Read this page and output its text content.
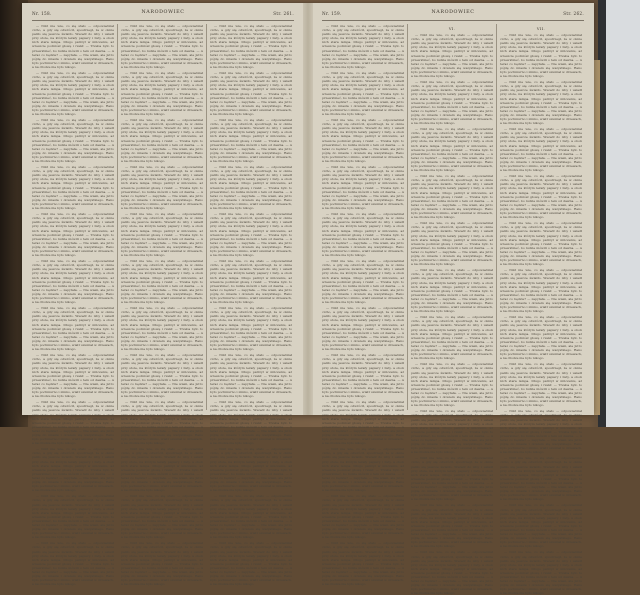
Nr. 158.	NARODOWIEC	Str. 261.

— Nikt nie wie, co się stało — odpowiedział cicho, a gdy się odwrócił, spostrzegł, że w oknie paliło się jeszcze światło. Wszedł do izby i usiadł przy stole, na którym leżały papiery i listy, a obok nich stara lampa. Długo patrzył w milczeniu, aż wreszcie podniósł głowę i rzekł: — Trzeba było to przewidzieć, bo ludzie mówili o tem od dawna. — A teraz co będzie? — zapytała. — Nie wiem, ale jutro pójdę do miasta i dowiem się wszystkiego. Rano było pochmurno i zimno, wiatr szumiał w drzewach, a na drodze nie było nikogo.

— Nikt nie wie, co się stało — odpowiedział cicho, a gdy się odwrócił, spostrzegł, że w oknie paliło się jeszcze światło. Wszedł do izby i usiadł przy stole, na którym leżały papiery i listy, a obok nich stara lampa. Długo patrzył w milczeniu, aż wreszcie podniósł głowę i rzekł: — Trzeba było to przewidzieć, bo ludzie mówili o tem od dawna. — A teraz co będzie? — zapytała. — Nie wiem, ale jutro pójdę do miasta i dowiem się wszystkiego. Rano było pochmurno i zimno, wiatr szumiał w drzewach, a na drodze nie było nikogo.

— Nikt nie wie, co się stało — odpowiedział cicho, a gdy się odwrócił, spostrzegł, że w oknie paliło się jeszcze światło. Wszedł do izby i usiadł przy stole, na którym leżały papiery i listy, a obok nich stara lampa. Długo patrzył w milczeniu, aż wreszcie podniósł głowę i rzekł: — Trzeba było to przewidzieć, bo ludzie mówili o tem od dawna. — A teraz co będzie? — zapytała. — Nie wiem, ale jutro pójdę do miasta i dowiem się wszystkiego. Rano było pochmurno i zimno, wiatr szumiał w drzewach, a na drodze nie było nikogo.

— Nikt nie wie, co się stało — odpowiedział cicho, a gdy się odwrócił, spostrzegł, że w oknie paliło się jeszcze światło. Wszedł do izby i usiadł przy stole, na którym leżały papiery i listy, a obok nich stara lampa. Długo patrzył w milczeniu, aż wreszcie podniósł głowę i rzekł: — Trzeba było to przewidzieć, bo ludzie mówili o tem od dawna. — A teraz co będzie? — zapytała. — Nie wiem, ale jutro pójdę do miasta i dowiem się wszystkiego. Rano było pochmurno i zimno, wiatr szumiał w drzewach, a na drodze nie było nikogo.

— Nikt nie wie, co się stało — odpowiedział cicho, a gdy się odwrócił, spostrzegł, że w oknie paliło się jeszcze światło. Wszedł do izby i usiadł przy stole, na którym leżały papiery i listy, a obok nich stara lampa. Długo patrzył w milczeniu, aż wreszcie podniósł głowę i rzekł: — Trzeba było to przewidzieć, bo ludzie mówili o tem od dawna. — A teraz co będzie? — zapytała. — Nie wiem, ale jutro pójdę do miasta i dowiem się wszystkiego. Rano było pochmurno i zimno, wiatr szumiał w drzewach, a na drodze nie było nikogo.

— Nikt nie wie, co się stało — odpowiedział cicho, a gdy się odwrócił, spostrzegł, że w oknie paliło się jeszcze światło. Wszedł do izby i usiadł przy stole, na którym leżały papiery i listy, a obok nich stara lampa. Długo patrzył w milczeniu, aż wreszcie podniósł głowę i rzekł: — Trzeba było to przewidzieć, bo ludzie mówili o tem od dawna. — A teraz co będzie? — zapytała. — Nie wiem, ale jutro pójdę do miasta i dowiem się wszystkiego. Rano było pochmurno i zimno, wiatr szumiał w drzewach, a na drodze nie było nikogo.

— Nikt nie wie, co się stało — odpowiedział cicho, a gdy się odwrócił, spostrzegł, że w oknie paliło się jeszcze światło. Wszedł do izby i usiadł przy stole, na którym leżały papiery i listy, a obok nich stara lampa. Długo patrzył w milczeniu, aż wreszcie podniósł głowę i rzekł: — Trzeba było to przewidzieć, bo ludzie mówili o tem od dawna. — A teraz co będzie? — zapytała. — Nie wiem, ale jutro pójdę do miasta i dowiem się wszystkiego. Rano było pochmurno i zimno, wiatr szumiał w drzewach, a na drodze nie było nikogo.

— Nikt nie wie, co się stało — odpowiedział cicho, a gdy się odwrócił, spostrzegł, że w oknie paliło się jeszcze światło. Wszedł do izby i usiadł przy stole, na którym leżały papiery i listy, a obok nich stara lampa. Długo patrzył w milczeniu, aż wreszcie podniósł głowę i rzekł: — Trzeba było to przewidzieć, bo ludzie mówili o tem od dawna. — A teraz co będzie? — zapytała. — Nie wiem, ale jutro pójdę do miasta i dowiem się wszystkiego. Rano było pochmurno i zimno, wiatr szumiał w drzewach, a na drodze nie było nikogo.

— Nikt nie wie, co się stało — odpowiedział cicho, a gdy się odwrócił, spostrzegł, że w oknie paliło się jeszcze światło. Wszedł do izby i usiadł przy stole, na którym leżały papiery i listy, a obok nich stara lampa. Długo patrzył w milczeniu, aż wreszcie podniósł głowę i rzekł: — Trzeba było to przewidzieć, bo ludzie mówili o tem od dawna. — A teraz co będzie? — zapytała. — Nie wiem, ale jutro pójdę do miasta i dowiem się wszystkiego. Rano było pochmurno i zimno, wiatr szumiał w drzewach, a na drodze nie było nikogo.

— Nikt nie wie, co się stało — odpowiedział cicho, a gdy się odwrócił, spostrzegł, że w oknie paliło się jeszcze światło. Wszedł do izby i usiadł przy stole, na którym leżały papiery i listy, a obok nich stara lampa. Długo patrzył w milczeniu, aż wreszcie podniósł głowę i rzekł: — Trzeba było to przewidzieć, bo ludzie mówili o tem od dawna. — A teraz co będzie? — zapytała. — Nie wiem, ale jutro pójdę do miasta i dowiem się wszystkiego. Rano było pochmurno i zimno, wiatr szumiał w drzewach, a na drodze nie było nikogo.

— Nikt nie wie, co się stało — odpowiedział cicho, a gdy się odwrócił, spostrzegł, że w oknie paliło się jeszcze światło. Wszedł do izby i usiadł przy stole, na którym leżały papiery i listy, a obok nich stara lampa. Długo patrzył w milczeniu, aż wreszcie podniósł głowę i rzekł: — Trzeba było to przewidzieć, bo ludzie mówili o tem od dawna. — A teraz co będzie? — zapytała. — Nie wiem, ale jutro pójdę do miasta i dowiem się wszystkiego. Rano było pochmurno i zimno, wiatr szumiał w drzewach, a na drodze nie było nikogo.

— Nikt nie wie, co się stało — odpowiedział cicho, a gdy się odwrócił, spostrzegł, że w oknie paliło się jeszcze światło. Wszedł do izby i usiadł przy stole, na którym leżały papiery i listy, a obok nich stara lampa. Długo patrzył w milczeniu, aż wreszcie podniósł głowę i rzekł: — Trzeba było to przewidzieć, bo ludzie mówili o tem od dawna. — A teraz co będzie? — zapytała. — Nie wiem, ale jutro pójdę do miasta i dowiem się wszystkiego. Rano było pochmurno i zimno, wiatr szumiał w drzewach, a na drodze nie było nikogo.

— Nikt nie wie, co się stało — odpowiedział cicho, a gdy się odwrócił, spostrzegł, że w oknie paliło się jeszcze światło. Wszedł do izby i usiadł przy stole, na którym leżały papiery i listy, a obok nich stara lampa. Długo patrzył w milczeniu, aż wreszcie podniósł głowę i rzekł: — Trzeba było to przewidzieć, bo ludzie mówili o tem od dawna. — A teraz co będzie? — zapytała. — Nie wiem, ale jutro pójdę do miasta i dowiem się wszystkiego. Rano było pochmurno i zimno, wiatr szumiał w drzewach, a na drodze nie było nikogo.

— Nikt nie wie, co się stało — odpowiedział cicho, a gdy się odwrócił, spostrzegł, że w oknie paliło się jeszcze światło. Wszedł do izby i usiadł przy stole, na którym leżały papiery i listy, a obok nich stara lampa. Długo patrzył w milczeniu, aż wreszcie podniósł głowę i rzekł: — Trzeba było to przewidzieć, bo ludzie mówili o tem od dawna. — A teraz co będzie? — zapytała. — Nie wiem, ale jutro pójdę do miasta i dowiem się wszystkiego. Rano było pochmurno i zimno, wiatr szumiał w drzewach, a na drodze nie było nikogo.

— Nikt nie wie, co się stało — odpowiedział cicho, a gdy się odwrócił, spostrzegł, że w oknie paliło się jeszcze światło. Wszedł do izby i usiadł przy stole, na którym leżały papiery i listy, a obok nich stara lampa. Długo patrzył w milczeniu, aż wreszcie podniósł głowę i rzekł: — Trzeba było to przewidzieć, bo ludzie mówili o tem od dawna. — A teraz co będzie? — zapytała. — Nie wiem, ale jutro pójdę do miasta i dowiem się wszystkiego. Rano było pochmurno i zimno, wiatr szumiał w drzewach, a na drodze nie było nikogo.

— Nikt nie wie, co się stało — odpowiedział cicho, a gdy się odwrócił, spostrzegł, że w oknie paliło się jeszcze światło. Wszedł do izby i usiadł przy stole, na którym leżały papiery i listy, a obok nich stara lampa. Długo patrzył w milczeniu, aż wreszcie podniósł głowę i rzekł: — Trzeba było to przewidzieć, bo ludzie mówili o tem od dawna. — A teraz co będzie? — zapytała. — Nie wiem, ale jutro pójdę do miasta i dowiem się wszystkiego. Rano było pochmurno i zimno, wiatr szumiał w drzewach, a na drodze nie było nikogo.

— Nikt nie wie, co się stało — odpowiedział cicho, a gdy się odwrócił, spostrzegł, że w oknie paliło się jeszcze światło. Wszedł do izby i usiadł przy stole, na którym leżały papiery i listy, a obok nich stara lampa. Długo patrzył w milczeniu, aż wreszcie podniósł głowę i rzekł: — Trzeba było to przewidzieć, bo ludzie mówili o tem od dawna. — A teraz co będzie? — zapytała. — Nie wiem, ale jutro pójdę do miasta i dowiem się wszystkiego. Rano było pochmurno i zimno, wiatr szumiał w drzewach, a na drodze nie było nikogo.

— Nikt nie wie, co się stało — odpowiedział cicho, a gdy się odwrócił, spostrzegł, że w oknie paliło się jeszcze światło. Wszedł do izby i usiadł przy stole, na którym leżały papiery i listy, a obok nich stara lampa. Długo patrzył w milczeniu, aż wreszcie podniósł głowę i rzekł: — Trzeba było to przewidzieć, bo ludzie mówili o tem od dawna. — A teraz co będzie? — zapytała. — Nie wiem, ale jutro pójdę do miasta i dowiem się wszystkiego. Rano było pochmurno i zimno, wiatr szumiał w drzewach, a na drodze nie było nikogo.

— Nikt nie wie, co się stało — odpowiedział cicho, a gdy się odwrócił, spostrzegł, że w oknie paliło się jeszcze światło. Wszedł do izby i usiadł przy stole, na którym leżały papiery i listy, a obok nich stara lampa. Długo patrzył w milczeniu, aż wreszcie podniósł głowę i rzekł: — Trzeba było to przewidzieć, bo ludzie mówili o tem od dawna. — A teraz co będzie? — zapytała. — Nie wiem, ale jutro pójdę do miasta i dowiem się wszystkiego. Rano było pochmurno i zimno, wiatr szumiał w drzewach, a na drodze nie było nikogo.

— Nikt nie wie, co się stało — odpowiedział cicho, a gdy się odwrócił, spostrzegł, że w oknie paliło się jeszcze światło. Wszedł do izby i usiadł przy stole, na którym leżały papiery i listy, a obok nich stara lampa. Długo patrzył w milczeniu, aż wreszcie podniósł głowę i rzekł: — Trzeba było to przewidzieć, bo ludzie mówili o tem od dawna. — A teraz co będzie? — zapytała. — Nie wiem, ale jutro pójdę do miasta i dowiem się wszystkiego. Rano było pochmurno i zimno, wiatr szumiał w drzewach, a na drodze nie było nikogo.

— Nikt nie wie, co się stało — odpowiedział cicho, a gdy się odwrócił, spostrzegł, że w oknie paliło się jeszcze światło. Wszedł do izby i usiadł przy stole, na którym leżały papiery i listy, a obok nich stara lampa. Długo patrzył w milczeniu, aż wreszcie podniósł głowę i rzekł: — Trzeba było to przewidzieć, bo ludzie mówili o tem od dawna. — A teraz co będzie? — zapytała. — Nie wiem, ale jutro pójdę do miasta i dowiem się wszystkiego. Rano było pochmurno i zimno, wiatr szumiał w drzewach, a na drodze nie było nikogo.

— Nikt nie wie, co się stało — odpowiedział cicho, a gdy się odwrócił, spostrzegł, że w oknie paliło się jeszcze światło. Wszedł do izby i usiadł przy stole, na którym leżały papiery i listy, a obok nich stara lampa. Długo patrzył w milczeniu, aż wreszcie podniósł głowę i rzekł: — Trzeba było to przewidzieć, bo ludzie mówili o tem od dawna. — A teraz co będzie? — zapytała. — Nie wiem, ale jutro pójdę do miasta i dowiem się wszystkiego. Rano było pochmurno i zimno, wiatr szumiał w drzewach, a na drodze nie było nikogo.

— Nikt nie wie, co się stało — odpowiedział cicho, a gdy się odwrócił, spostrzegł, że w oknie paliło się jeszcze światło. Wszedł do izby i usiadł przy stole, na którym leżały papiery i listy, a obok nich stara lampa. Długo patrzył w milczeniu, aż wreszcie podniósł głowę i rzekł: — Trzeba było to przewidzieć, bo ludzie mówili o tem od dawna. — A teraz co będzie? — zapytała. — Nie wiem, ale jutro pójdę do miasta i dowiem się wszystkiego. Rano było pochmurno i zimno, wiatr szumiał w drzewach, a na drodze nie było nikogo.

— Nikt nie wie, co się stało — odpowiedział cicho, a gdy się odwrócił, spostrzegł, że w oknie paliło się jeszcze światło. Wszedł do izby i usiadł przy stole, na którym leżały papiery i listy, a obok nich stara lampa. Długo patrzył w milczeniu, aż wreszcie podniósł głowę i rzekł: — Trzeba było to przewidzieć, bo ludzie mówili o tem od dawna. — A teraz co będzie? — zapytała. — Nie wiem, ale jutro pójdę do miasta i dowiem się wszystkiego. Rano było pochmurno i zimno, wiatr szumiał w drzewach, a na drodze nie było nikogo.

— Nikt nie wie, co się stało — odpowiedział cicho, a gdy się odwrócił, spostrzegł, że w oknie paliło się jeszcze światło. Wszedł do izby i usiadł przy stole, na którym leżały papiery i listy, a obok nich stara lampa. Długo patrzył w milczeniu, aż wreszcie podniósł głowę i rzekł: — Trzeba było to przewidzieć, bo ludzie mówili o tem od dawna. — A teraz co będzie? — zapytała. — Nie wiem, ale jutro pójdę do miasta i dowiem się wszystkiego. Rano było pochmurno i zimno, wiatr szumiał w drzewach, a na drodze nie było nikogo.

— Nikt nie wie, co się stało — odpowiedział cicho, a gdy się odwrócił, spostrzegł, że w oknie paliło się jeszcze światło. Wszedł do izby i usiadł przy stole, na którym leżały papiery i listy, a obok nich stara lampa. Długo patrzył w milczeniu, aż wreszcie podniósł głowę i rzekł: — Trzeba było to przewidzieć, bo ludzie mówili o tem od dawna. — A teraz co będzie? — zapytała. — Nie wiem, ale jutro pójdę do miasta i dowiem się wszystkiego. Rano było pochmurno i zimno, wiatr szumiał w drzewach, a na drodze nie było nikogo.

— Nikt nie wie, co się stało — odpowiedział cicho, a gdy się odwrócił, spostrzegł, że w oknie paliło się jeszcze światło. Wszedł do izby i usiadł przy stole, na którym leżały papiery i listy, a obok nich stara lampa. Długo patrzył w milczeniu, aż wreszcie podniósł głowę i rzekł: — Trzeba było to przewidzieć, bo ludzie mówili o tem od dawna. — A teraz co będzie? — zapytała. — Nie wiem, ale jutro pójdę do miasta i dowiem się wszystkiego. Rano było pochmurno i zimno, wiatr szumiał w drzewach, a na drodze nie było nikogo.

— Nikt nie wie, co się stało — odpowiedział cicho, a gdy się odwrócił, spostrzegł, że w oknie paliło się jeszcze światło. Wszedł do izby i usiadł przy stole, na którym leżały papiery i listy, a obok nich stara lampa. Długo patrzył w milczeniu, aż wreszcie podniósł głowę i rzekł: — Trzeba było to przewidzieć, bo ludzie mówili o tem od dawna. — A teraz co będzie? — zapytała. — Nie wiem, ale jutro pójdę do miasta i dowiem się wszystkiego. Rano było pochmurno i zimno, wiatr szumiał w drzewach, a na drodze nie było nikogo.

— Nikt nie wie, co się stało — odpowiedział cicho, a gdy się odwrócił, spostrzegł, że w oknie paliło się jeszcze światło. Wszedł do izby i usiadł przy stole, na którym leżały papiery i listy, a obok nich stara lampa. Długo patrzył w milczeniu, aż wreszcie podniósł głowę i rzekł: — Trzeba było to przewidzieć, bo ludzie mówili o tem od dawna. — A teraz co będzie? — zapytała. — Nie wiem, ale jutro pójdę do miasta i dowiem się wszystkiego. Rano było pochmurno i zimno, wiatr szumiał w drzewach, a na drodze nie było nikogo.

— Nikt nie wie, co się stało — odpowiedział cicho, a gdy się odwrócił, spostrzegł, że w oknie paliło się jeszcze światło. Wszedł do izby i usiadł przy stole, na którym leżały papiery i listy, a obok nich stara lampa. Długo patrzył w milczeniu, aż wreszcie podniósł głowę i rzekł: — Trzeba było to przewidzieć, bo ludzie mówili o tem od dawna. — A teraz co będzie? — zapytała. — Nie wiem, ale jutro pójdę do miasta i dowiem się wszystkiego. Rano było pochmurno i zimno, wiatr szumiał w drzewach, a na drodze nie było nikogo.

— Nikt nie wie, co się stało — odpowiedział cicho, a gdy się odwrócił, spostrzegł, że w oknie paliło się jeszcze światło. Wszedł do izby i usiadł przy stole, na którym leżały papiery i listy, a obok nich stara lampa. Długo patrzył w milczeniu, aż wreszcie podniósł głowę i rzekł: — Trzeba było to przewidzieć, bo ludzie mówili o tem od dawna. — A teraz co będzie? — zapytała. — Nie wiem, ale jutro pójdę do miasta i dowiem się wszystkiego. Rano było pochmurno i zimno, wiatr szumiał w drzewach, a na drodze nie było nikogo.

— Nikt nie wie, co się stało — odpowiedział cicho, a gdy się odwrócił, spostrzegł, że w oknie paliło się jeszcze światło. Wszedł do izby i usiadł przy stole, na którym leżały papiery i listy, a obok nich stara lampa. Długo patrzył w milczeniu, aż wreszcie podniósł głowę i rzekł: — Trzeba było to przewidzieć, bo ludzie mówili o tem od dawna. — A teraz co będzie? — zapytała. — Nie wiem, ale jutro pójdę do miasta i dowiem się wszystkiego. Rano było pochmurno i zimno, wiatr szumiał w drzewach, a na drodze nie było nikogo.

— Nikt nie wie, co się stało — odpowiedział cicho, a gdy się odwrócił, spostrzegł, że w oknie paliło się jeszcze światło. Wszedł do izby i usiadł przy stole, na którym leżały papiery i listy, a obok nich stara lampa. Długo patrzył w milczeniu, aż wreszcie podniósł głowę i rzekł: — Trzeba było to przewidzieć, bo ludzie mówili o tem od dawna. — A teraz co będzie? — zapytała. — Nie wiem, ale jutro pójdę do miasta i dowiem się wszystkiego. Rano było pochmurno i zimno, wiatr szumiał w drzewach, a na drodze nie było nikogo.

— Nikt nie wie, co się stało — odpowiedział cicho, a gdy się odwrócił, spostrzegł, że w oknie paliło się jeszcze światło. Wszedł do izby i usiadł przy stole, na którym leżały papiery i listy, a obok nich stara lampa. Długo patrzył w milczeniu, aż wreszcie podniósł głowę i rzekł: — Trzeba było to przewidzieć, bo ludzie mówili o tem od dawna. — A teraz co będzie? — zapytała. — Nie wiem, ale jutro pójdę do miasta i dowiem się wszystkiego. Rano było pochmurno i zimno, wiatr szumiał w drzewach, a na drodze nie było nikogo.

— Nikt nie wie, co się stało — odpowiedział cicho, a gdy się odwrócił, spostrzegł, że w oknie paliło się jeszcze światło. Wszedł do izby i usiadł przy stole, na którym leżały papiery i listy, a obok nich stara lampa. Długo patrzył w milczeniu, aż wreszcie podniósł głowę i rzekł: — Trzeba było to przewidzieć, bo ludzie mówili o tem od dawna. — A teraz co będzie? — zapytała. — Nie wiem, ale jutro pójdę do miasta i dowiem się wszystkiego. Rano było pochmurno i zimno, wiatr szumiał w drzewach, a na drodze nie było nikogo.

— Nikt nie wie, co się stało — odpowiedział cicho, a gdy się odwrócił, spostrzegł, że w oknie paliło się jeszcze światło. Wszedł do izby i usiadł przy stole, na którym leżały papiery i listy, a obok nich stara lampa. Długo patrzył w milczeniu, aż wreszcie podniósł głowę i rzekł: — Trzeba było to przewidzieć, bo ludzie mówili o tem od dawna. — A teraz co będzie? — zapytała. — Nie wiem, ale jutro pójdę do miasta i dowiem się wszystkiego. Rano było pochmurno i zimno, wiatr szumiał w drzewach, a na drodze nie było nikogo.

Nr. 159.	NARODOWIEC	Str. 262.

— Nikt nie wie, co się stało — odpowiedział cicho, a gdy się odwrócił, spostrzegł, że w oknie paliło się jeszcze światło. Wszedł do izby i usiadł przy stole, na którym leżały papiery i listy, a obok nich stara lampa. Długo patrzył w milczeniu, aż wreszcie podniósł głowę i rzekł: — Trzeba było to przewidzieć, bo ludzie mówili o tem od dawna. — A teraz co będzie? — zapytała. — Nie wiem, ale jutro pójdę do miasta i dowiem się wszystkiego. Rano było pochmurno i zimno, wiatr szumiał w drzewach, a na drodze nie było nikogo.

— Nikt nie wie, co się stało — odpowiedział cicho, a gdy się odwrócił, spostrzegł, że w oknie paliło się jeszcze światło. Wszedł do izby i usiadł przy stole, na którym leżały papiery i listy, a obok nich stara lampa. Długo patrzył w milczeniu, aż wreszcie podniósł głowę i rzekł: — Trzeba było to przewidzieć, bo ludzie mówili o tem od dawna. — A teraz co będzie? — zapytała. — Nie wiem, ale jutro pójdę do miasta i dowiem się wszystkiego. Rano było pochmurno i zimno, wiatr szumiał w drzewach, a na drodze nie było nikogo.

— Nikt nie wie, co się stało — odpowiedział cicho, a gdy się odwrócił, spostrzegł, że w oknie paliło się jeszcze światło. Wszedł do izby i usiadł przy stole, na którym leżały papiery i listy, a obok nich stara lampa. Długo patrzył w milczeniu, aż wreszcie podniósł głowę i rzekł: — Trzeba było to przewidzieć, bo ludzie mówili o tem od dawna. — A teraz co będzie? — zapytała. — Nie wiem, ale jutro pójdę do miasta i dowiem się wszystkiego. Rano było pochmurno i zimno, wiatr szumiał w drzewach, a na drodze nie było nikogo.

— Nikt nie wie, co się stało — odpowiedział cicho, a gdy się odwrócił, spostrzegł, że w oknie paliło się jeszcze światło. Wszedł do izby i usiadł przy stole, na którym leżały papiery i listy, a obok nich stara lampa. Długo patrzył w milczeniu, aż wreszcie podniósł głowę i rzekł: — Trzeba było to przewidzieć, bo ludzie mówili o tem od dawna. — A teraz co będzie? — zapytała. — Nie wiem, ale jutro pójdę do miasta i dowiem się wszystkiego. Rano było pochmurno i zimno, wiatr szumiał w drzewach, a na drodze nie było nikogo.

— Nikt nie wie, co się stało — odpowiedział cicho, a gdy się odwrócił, spostrzegł, że w oknie paliło się jeszcze światło. Wszedł do izby i usiadł przy stole, na którym leżały papiery i listy, a obok nich stara lampa. Długo patrzył w milczeniu, aż wreszcie podniósł głowę i rzekł: — Trzeba było to przewidzieć, bo ludzie mówili o tem od dawna. — A teraz co będzie? — zapytała. — Nie wiem, ale jutro pójdę do miasta i dowiem się wszystkiego. Rano było pochmurno i zimno, wiatr szumiał w drzewach, a na drodze nie było nikogo.

— Nikt nie wie, co się stało — odpowiedział cicho, a gdy się odwrócił, spostrzegł, że w oknie paliło się jeszcze światło. Wszedł do izby i usiadł przy stole, na którym leżały papiery i listy, a obok nich stara lampa. Długo patrzył w milczeniu, aż wreszcie podniósł głowę i rzekł: — Trzeba było to przewidzieć, bo ludzie mówili o tem od dawna. — A teraz co będzie? — zapytała. — Nie wiem, ale jutro pójdę do miasta i dowiem się wszystkiego. Rano było pochmurno i zimno, wiatr szumiał w drzewach, a na drodze nie było nikogo.

— Nikt nie wie, co się stało — odpowiedział cicho, a gdy się odwrócił, spostrzegł, że w oknie paliło się jeszcze światło. Wszedł do izby i usiadł przy stole, na którym leżały papiery i listy, a obok nich stara lampa. Długo patrzył w milczeniu, aż wreszcie podniósł głowę i rzekł: — Trzeba było to przewidzieć, bo ludzie mówili o tem od dawna. — A teraz co będzie? — zapytała. — Nie wiem, ale jutro pójdę do miasta i dowiem się wszystkiego. Rano było pochmurno i zimno, wiatr szumiał w drzewach, a na drodze nie było nikogo.

— Nikt nie wie, co się stało — odpowiedział cicho, a gdy się odwrócił, spostrzegł, że w oknie paliło się jeszcze światło. Wszedł do izby i usiadł przy stole, na którym leżały papiery i listy, a obok nich stara lampa. Długo patrzył w milczeniu, aż wreszcie podniósł głowę i rzekł: — Trzeba było to przewidzieć, bo ludzie mówili o tem od dawna. — A teraz co będzie? — zapytała. — Nie wiem, ale jutro pójdę do miasta i dowiem się wszystkiego. Rano było pochmurno i zimno, wiatr szumiał w drzewach, a na drodze nie było nikogo.

— Nikt nie wie, co się stało — odpowiedział cicho, a gdy się odwrócił, spostrzegł, że w oknie paliło się jeszcze światło. Wszedł do izby i usiadł przy stole, na którym leżały papiery i listy, a obok nich stara lampa. Długo patrzył w milczeniu, aż wreszcie podniósł głowę i rzekł: — Trzeba było to przewidzieć, bo ludzie mówili o tem od dawna. — A teraz co będzie? — zapytała. — Nie wiem, ale jutro pójdę do miasta i dowiem się wszystkiego. Rano było pochmurno i zimno, wiatr szumiał w drzewach, a na drodze nie było nikogo.

— Nikt nie wie, co się stało — odpowiedział cicho, a gdy się odwrócił, spostrzegł, że w oknie paliło się jeszcze światło. Wszedł do izby i usiadł przy stole, na którym leżały papiery i listy, a obok nich stara lampa. Długo patrzył w milczeniu, aż wreszcie podniósł głowę i rzekł: — Trzeba było to przewidzieć, bo ludzie mówili o tem od dawna. — A teraz co będzie? — zapytała. — Nie wiem, ale jutro pójdę do miasta i dowiem się wszystkiego. Rano było pochmurno i zimno, wiatr szumiał w drzewach, a na drodze nie było nikogo.

— Nikt nie wie, co się stało — odpowiedział cicho, a gdy się odwrócił, spostrzegł, że w oknie paliło się jeszcze światło. Wszedł do izby i usiadł przy stole, na którym leżały papiery i listy, a obok nich stara lampa. Długo patrzył w milczeniu, aż wreszcie podniósł głowę i rzekł: — Trzeba było to przewidzieć, bo ludzie mówili o tem od dawna. — A teraz co będzie? — zapytała. — Nie wiem, ale jutro pójdę do miasta i dowiem się wszystkiego. Rano było pochmurno i zimno, wiatr szumiał w drzewach, a na drodze nie było nikogo.

— Nikt nie wie, co się stało — odpowiedział cicho, a gdy się odwrócił, spostrzegł, że w oknie paliło się jeszcze światło. Wszedł do izby i usiadł przy stole, na którym leżały papiery i listy, a obok nich stara lampa. Długo patrzył w milczeniu, aż wreszcie podniósł głowę i rzekł: — Trzeba było to przewidzieć, bo ludzie mówili o tem od dawna. — A teraz co będzie? — zapytała. — Nie wiem, ale jutro pójdę do miasta i dowiem się wszystkiego. Rano było pochmurno i zimno, wiatr szumiał w drzewach, a na drodze nie było nikogo.

VI.

— Nikt nie wie, co się stało — odpowiedział cicho, a gdy się odwrócił, spostrzegł, że w oknie paliło się jeszcze światło. Wszedł do izby i usiadł przy stole, na którym leżały papiery i listy, a obok nich stara lampa. Długo patrzył w milczeniu, aż wreszcie podniósł głowę i rzekł: — Trzeba było to przewidzieć, bo ludzie mówili o tem od dawna. — A teraz co będzie? — zapytała. — Nie wiem, ale jutro pójdę do miasta i dowiem się wszystkiego. Rano było pochmurno i zimno, wiatr szumiał w drzewach, a na drodze nie było nikogo.

— Nikt nie wie, co się stało — odpowiedział cicho, a gdy się odwrócił, spostrzegł, że w oknie paliło się jeszcze światło. Wszedł do izby i usiadł przy stole, na którym leżały papiery i listy, a obok nich stara lampa. Długo patrzył w milczeniu, aż wreszcie podniósł głowę i rzekł: — Trzeba było to przewidzieć, bo ludzie mówili o tem od dawna. — A teraz co będzie? — zapytała. — Nie wiem, ale jutro pójdę do miasta i dowiem się wszystkiego. Rano było pochmurno i zimno, wiatr szumiał w drzewach, a na drodze nie było nikogo.

— Nikt nie wie, co się stało — odpowiedział cicho, a gdy się odwrócił, spostrzegł, że w oknie paliło się jeszcze światło. Wszedł do izby i usiadł przy stole, na którym leżały papiery i listy, a obok nich stara lampa. Długo patrzył w milczeniu, aż wreszcie podniósł głowę i rzekł: — Trzeba było to przewidzieć, bo ludzie mówili o tem od dawna. — A teraz co będzie? — zapytała. — Nie wiem, ale jutro pójdę do miasta i dowiem się wszystkiego. Rano było pochmurno i zimno, wiatr szumiał w drzewach, a na drodze nie było nikogo.

— Nikt nie wie, co się stało — odpowiedział cicho, a gdy się odwrócił, spostrzegł, że w oknie paliło się jeszcze światło. Wszedł do izby i usiadł przy stole, na którym leżały papiery i listy, a obok nich stara lampa. Długo patrzył w milczeniu, aż wreszcie podniósł głowę i rzekł: — Trzeba było to przewidzieć, bo ludzie mówili o tem od dawna. — A teraz co będzie? — zapytała. — Nie wiem, ale jutro pójdę do miasta i dowiem się wszystkiego. Rano było pochmurno i zimno, wiatr szumiał w drzewach, a na drodze nie było nikogo.

— Nikt nie wie, co się stało — odpowiedział cicho, a gdy się odwrócił, spostrzegł, że w oknie paliło się jeszcze światło. Wszedł do izby i usiadł przy stole, na którym leżały papiery i listy, a obok nich stara lampa. Długo patrzył w milczeniu, aż wreszcie podniósł głowę i rzekł: — Trzeba było to przewidzieć, bo ludzie mówili o tem od dawna. — A teraz co będzie? — zapytała. — Nie wiem, ale jutro pójdę do miasta i dowiem się wszystkiego. Rano było pochmurno i zimno, wiatr szumiał w drzewach, a na drodze nie było nikogo.

— Nikt nie wie, co się stało — odpowiedział cicho, a gdy się odwrócił, spostrzegł, że w oknie paliło się jeszcze światło. Wszedł do izby i usiadł przy stole, na którym leżały papiery i listy, a obok nich stara lampa. Długo patrzył w milczeniu, aż wreszcie podniósł głowę i rzekł: — Trzeba było to przewidzieć, bo ludzie mówili o tem od dawna. — A teraz co będzie? — zapytała. — Nie wiem, ale jutro pójdę do miasta i dowiem się wszystkiego. Rano było pochmurno i zimno, wiatr szumiał w drzewach, a na drodze nie było nikogo.

— Nikt nie wie, co się stało — odpowiedział cicho, a gdy się odwrócił, spostrzegł, że w oknie paliło się jeszcze światło. Wszedł do izby i usiadł przy stole, na którym leżały papiery i listy, a obok nich stara lampa. Długo patrzył w milczeniu, aż wreszcie podniósł głowę i rzekł: — Trzeba było to przewidzieć, bo ludzie mówili o tem od dawna. — A teraz co będzie? — zapytała. — Nie wiem, ale jutro pójdę do miasta i dowiem się wszystkiego. Rano było pochmurno i zimno, wiatr szumiał w drzewach, a na drodze nie było nikogo.

— Nikt nie wie, co się stało — odpowiedział cicho, a gdy się odwrócił, spostrzegł, że w oknie paliło się jeszcze światło. Wszedł do izby i usiadł przy stole, na którym leżały papiery i listy, a obok nich stara lampa. Długo patrzył w milczeniu, aż wreszcie podniósł głowę i rzekł: — Trzeba było to przewidzieć, bo ludzie mówili o tem od dawna. — A teraz co będzie? — zapytała. — Nie wiem, ale jutro pójdę do miasta i dowiem się wszystkiego. Rano było pochmurno i zimno, wiatr szumiał w drzewach, a na drodze nie było nikogo.

— Nikt nie wie, co się stało — odpowiedział cicho, a gdy się odwrócił, spostrzegł, że w oknie paliło się jeszcze światło. Wszedł do izby i usiadł przy stole, na którym leżały papiery i listy, a obok nich stara lampa. Długo patrzył w milczeniu, aż wreszcie podniósł głowę i rzekł: — Trzeba było to przewidzieć, bo ludzie mówili o tem od dawna. — A teraz co będzie? — zapytała. — Nie wiem, ale jutro pójdę do miasta i dowiem się wszystkiego. Rano było pochmurno i zimno, wiatr szumiał w drzewach, a na drodze nie było nikogo.

— Nikt nie wie, co się stało — odpowiedział cicho, a gdy się odwrócił, spostrzegł, że w oknie paliło się jeszcze światło. Wszedł do izby i usiadł przy stole, na którym leżały papiery i listy, a obok nich stara lampa. Długo patrzył w milczeniu, aż wreszcie podniósł głowę i rzekł: — Trzeba było to przewidzieć, bo ludzie mówili o tem od dawna. — A teraz co będzie? — zapytała. — Nie wiem, ale jutro pójdę do miasta i dowiem się wszystkiego. Rano było pochmurno i zimno, wiatr szumiał w drzewach, a na drodze nie było nikogo.

— Nikt nie wie, co się stało — odpowiedział cicho, a gdy się odwrócił, spostrzegł, że w oknie paliło się jeszcze światło. Wszedł do izby i usiadł przy stole, na którym leżały papiery i listy, a obok nich stara lampa. Długo patrzył w milczeniu, aż wreszcie podniósł głowę i rzekł: — Trzeba było to przewidzieć, bo ludzie mówili o tem od dawna. — A teraz co będzie? — zapytała. — Nie wiem, ale jutro pójdę do miasta i dowiem się wszystkiego. Rano było pochmurno i zimno, wiatr szumiał w drzewach, a na drodze nie było nikogo.

— Nikt nie wie, co się stało — odpowiedział cicho, a gdy się odwrócił, spostrzegł, że w oknie paliło się jeszcze światło. Wszedł do izby i usiadł przy stole, na którym leżały papiery i listy, a obok nich stara lampa. Długo patrzył w milczeniu, aż wreszcie podniósł głowę i rzekł: — Trzeba było to przewidzieć, bo ludzie mówili o tem od dawna. — A teraz co będzie? — zapytała. — Nie wiem, ale jutro pójdę do miasta i dowiem się wszystkiego. Rano było pochmurno i zimno, wiatr szumiał w drzewach, a na drodze nie było nikogo.

VII.

— Nikt nie wie, co się stało — odpowiedział cicho, a gdy się odwrócił, spostrzegł, że w oknie paliło się jeszcze światło. Wszedł do izby i usiadł przy stole, na którym leżały papiery i listy, a obok nich stara lampa. Długo patrzył w milczeniu, aż wreszcie podniósł głowę i rzekł: — Trzeba było to przewidzieć, bo ludzie mówili o tem od dawna. — A teraz co będzie? — zapytała. — Nie wiem, ale jutro pójdę do miasta i dowiem się wszystkiego. Rano było pochmurno i zimno, wiatr szumiał w drzewach, a na drodze nie było nikogo.

— Nikt nie wie, co się stało — odpowiedział cicho, a gdy się odwrócił, spostrzegł, że w oknie paliło się jeszcze światło. Wszedł do izby i usiadł przy stole, na którym leżały papiery i listy, a obok nich stara lampa. Długo patrzył w milczeniu, aż wreszcie podniósł głowę i rzekł: — Trzeba było to przewidzieć, bo ludzie mówili o tem od dawna. — A teraz co będzie? — zapytała. — Nie wiem, ale jutro pójdę do miasta i dowiem się wszystkiego. Rano było pochmurno i zimno, wiatr szumiał w drzewach, a na drodze nie było nikogo.

— Nikt nie wie, co się stało — odpowiedział cicho, a gdy się odwrócił, spostrzegł, że w oknie paliło się jeszcze światło. Wszedł do izby i usiadł przy stole, na którym leżały papiery i listy, a obok nich stara lampa. Długo patrzył w milczeniu, aż wreszcie podniósł głowę i rzekł: — Trzeba było to przewidzieć, bo ludzie mówili o tem od dawna. — A teraz co będzie? — zapytała. — Nie wiem, ale jutro pójdę do miasta i dowiem się wszystkiego. Rano było pochmurno i zimno, wiatr szumiał w drzewach, a na drodze nie było nikogo.

— Nikt nie wie, co się stało — odpowiedział cicho, a gdy się odwrócił, spostrzegł, że w oknie paliło się jeszcze światło. Wszedł do izby i usiadł przy stole, na którym leżały papiery i listy, a obok nich stara lampa. Długo patrzył w milczeniu, aż wreszcie podniósł głowę i rzekł: — Trzeba było to przewidzieć, bo ludzie mówili o tem od dawna. — A teraz co będzie? — zapytała. — Nie wiem, ale jutro pójdę do miasta i dowiem się wszystkiego. Rano było pochmurno i zimno, wiatr szumiał w drzewach, a na drodze nie było nikogo.

— Nikt nie wie, co się stało — odpowiedział cicho, a gdy się odwrócił, spostrzegł, że w oknie paliło się jeszcze światło. Wszedł do izby i usiadł przy stole, na którym leżały papiery i listy, a obok nich stara lampa. Długo patrzył w milczeniu, aż wreszcie podniósł głowę i rzekł: — Trzeba było to przewidzieć, bo ludzie mówili o tem od dawna. — A teraz co będzie? — zapytała. — Nie wiem, ale jutro pójdę do miasta i dowiem się wszystkiego. Rano było pochmurno i zimno, wiatr szumiał w drzewach, a na drodze nie było nikogo.

— Nikt nie wie, co się stało — odpowiedział cicho, a gdy się odwrócił, spostrzegł, że w oknie paliło się jeszcze światło. Wszedł do izby i usiadł przy stole, na którym leżały papiery i listy, a obok nich stara lampa. Długo patrzył w milczeniu, aż wreszcie podniósł głowę i rzekł: — Trzeba było to przewidzieć, bo ludzie mówili o tem od dawna. — A teraz co będzie? — zapytała. — Nie wiem, ale jutro pójdę do miasta i dowiem się wszystkiego. Rano było pochmurno i zimno, wiatr szumiał w drzewach, a na drodze nie było nikogo.

— Nikt nie wie, co się stało — odpowiedział cicho, a gdy się odwrócił, spostrzegł, że w oknie paliło się jeszcze światło. Wszedł do izby i usiadł przy stole, na którym leżały papiery i listy, a obok nich stara lampa. Długo patrzył w milczeniu, aż wreszcie podniósł głowę i rzekł: — Trzeba było to przewidzieć, bo ludzie mówili o tem od dawna. — A teraz co będzie? — zapytała. — Nie wiem, ale jutro pójdę do miasta i dowiem się wszystkiego. Rano było pochmurno i zimno, wiatr szumiał w drzewach, a na drodze nie było nikogo.

— Nikt nie wie, co się stało — odpowiedział cicho, a gdy się odwrócił, spostrzegł, że w oknie paliło się jeszcze światło. Wszedł do izby i usiadł przy stole, na którym leżały papiery i listy, a obok nich stara lampa. Długo patrzył w milczeniu, aż wreszcie podniósł głowę i rzekł: — Trzeba było to przewidzieć, bo ludzie mówili o tem od dawna. — A teraz co będzie? — zapytała. — Nie wiem, ale jutro pójdę do miasta i dowiem się wszystkiego. Rano było pochmurno i zimno, wiatr szumiał w drzewach, a na drodze nie było nikogo.

— Nikt nie wie, co się stało — odpowiedział cicho, a gdy się odwrócił, spostrzegł, że w oknie paliło się jeszcze światło. Wszedł do izby i usiadł przy stole, na którym leżały papiery i listy, a obok nich stara lampa. Długo patrzył w milczeniu, aż wreszcie podniósł głowę i rzekł: — Trzeba było to przewidzieć, bo ludzie mówili o tem od dawna. — A teraz co będzie? — zapytała. — Nie wiem, ale jutro pójdę do miasta i dowiem się wszystkiego. Rano było pochmurno i zimno, wiatr szumiał w drzewach, a na drodze nie było nikogo.

— Nikt nie wie, co się stało — odpowiedział cicho, a gdy się odwrócił, spostrzegł, że w oknie paliło się jeszcze światło. Wszedł do izby i usiadł przy stole, na którym leżały papiery i listy, a obok nich stara lampa. Długo patrzył w milczeniu, aż wreszcie podniósł głowę i rzekł: — Trzeba było to przewidzieć, bo ludzie mówili o tem od dawna. — A teraz co będzie? — zapytała. — Nie wiem, ale jutro pójdę do miasta i dowiem się wszystkiego. Rano było pochmurno i zimno, wiatr szumiał w drzewach, a na drodze nie było nikogo.

— Nikt nie wie, co się stało — odpowiedział cicho, a gdy się odwrócił, spostrzegł, że w oknie paliło się jeszcze światło. Wszedł do izby i usiadł przy stole, na którym leżały papiery i listy, a obok nich stara lampa. Długo patrzył w milczeniu, aż wreszcie podniósł głowę i rzekł: — Trzeba było to przewidzieć, bo ludzie mówili o tem od dawna. — A teraz co będzie? — zapytała. — Nie wiem, ale jutro pójdę do miasta i dowiem się wszystkiego. Rano było pochmurno i zimno, wiatr szumiał w drzewach, a na drodze nie było nikogo.

— Nikt nie wie, co się stało — odpowiedział cicho, a gdy się odwrócił, spostrzegł, że w oknie paliło się jeszcze światło. Wszedł do izby i usiadł przy stole, na którym leżały papiery i listy, a obok nich stara lampa. Długo patrzył w milczeniu, aż wreszcie podniósł głowę i rzekł: — Trzeba było to przewidzieć, bo ludzie mówili o tem od dawna. — A teraz co będzie? — zapytała. — Nie wiem, ale jutro pójdę do miasta i dowiem się wszystkiego. Rano było pochmurno i zimno, wiatr szumiał w drzewach, a na drodze nie było nikogo.
